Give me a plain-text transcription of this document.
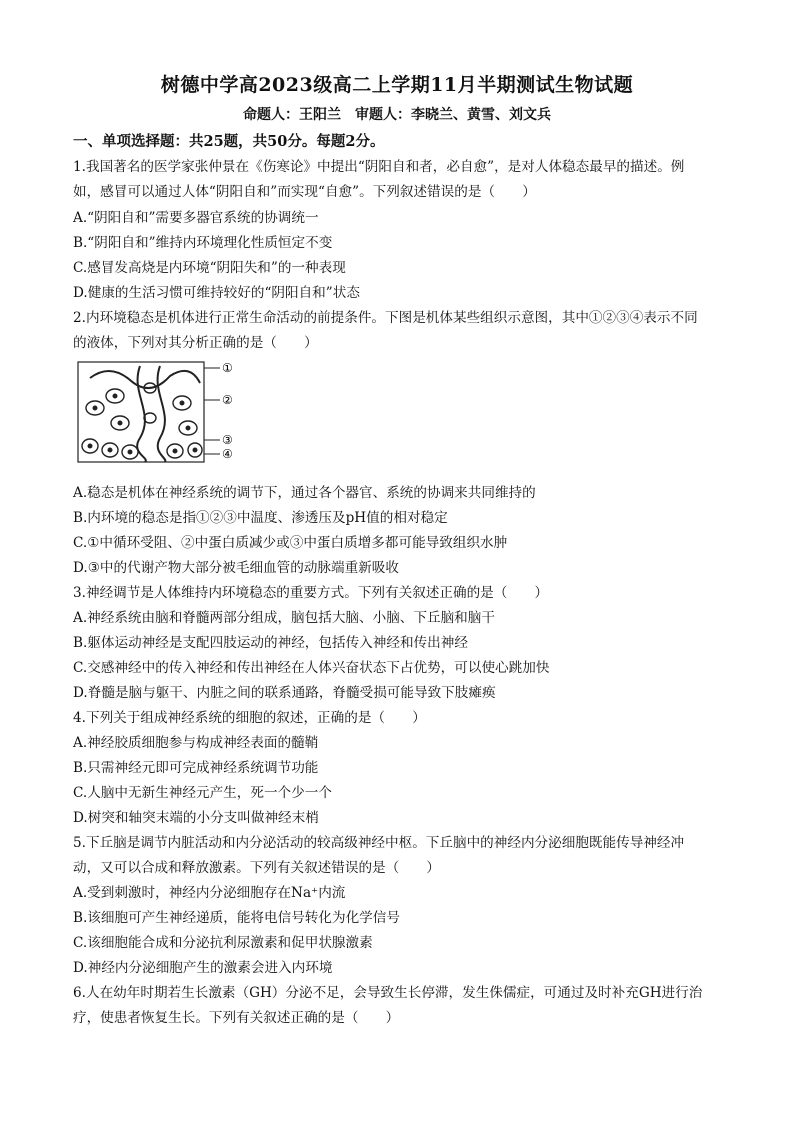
树德中学高2023级高二上学期11月半期测试生物试题
命题人：王阳兰　审题人：李晓兰、黄雪、刘文兵
一、单项选择题：共25题，共50分。每题2分。
1.我国著名的医学家张仲景在《伤寒论》中提出“阴阳自和者，必自愈”，是对人体稳态最早的描述。例
如，感冒可以通过人体“阴阳自和”而实现“自愈”。下列叙述错误的是（　　）
A.“阴阳自和”需要多器官系统的协调统一
B.“阴阳自和”维持内环境理化性质恒定不变
C.感冒发高烧是内环境“阴阳失和”的一种表现
D.健康的生活习惯可维持较好的“阴阳自和”状态
2.内环境稳态是机体进行正常生命活动的前提条件。下图是机体某些组织示意图，其中①②③④表示不同
的液体，下列对其分析正确的是（　　）
①
②
③
④
A.稳态是机体在神经系统的调节下，通过各个器官、系统的协调来共同维持的
B.内环境的稳态是指①②③中温度、渗透压及pH值的相对稳定
C.①中循环受阻、②中蛋白质减少或③中蛋白质增多都可能导致组织水肿
D.③中的代谢产物大部分被毛细血管的动脉端重新吸收
3.神经调节是人体维持内环境稳态的重要方式。下列有关叙述正确的是（　　）
A.神经系统由脑和脊髓两部分组成，脑包括大脑、小脑、下丘脑和脑干
B.躯体运动神经是支配四肢运动的神经，包括传入神经和传出神经
C.交感神经中的传入神经和传出神经在人体兴奋状态下占优势，可以使心跳加快
D.脊髓是脑与躯干、内脏之间的联系通路，脊髓受损可能导致下肢瘫痪
4.下列关于组成神经系统的细胞的叙述，正确的是（　　）
A.神经胶质细胞参与构成神经表面的髓鞘
B.只需神经元即可完成神经系统调节功能
C.人脑中无新生神经元产生，死一个少一个
D.树突和轴突末端的小分支叫做神经末梢
5.下丘脑是调节内脏活动和内分泌活动的较高级神经中枢。下丘脑中的神经内分泌细胞既能传导神经冲
动，又可以合成和释放激素。下列有关叙述错误的是（　　）
A.受到刺激时，神经内分泌细胞存在Na⁺内流
B.该细胞可产生神经递质，能将电信号转化为化学信号
C.该细胞能合成和分泌抗利尿激素和促甲状腺激素
D.神经内分泌细胞产生的激素会进入内环境
6.人在幼年时期若生长激素（GH）分泌不足，会导致生长停滞，发生侏儒症，可通过及时补充GH进行治
疗，使患者恢复生长。下列有关叙述正确的是（　　）
